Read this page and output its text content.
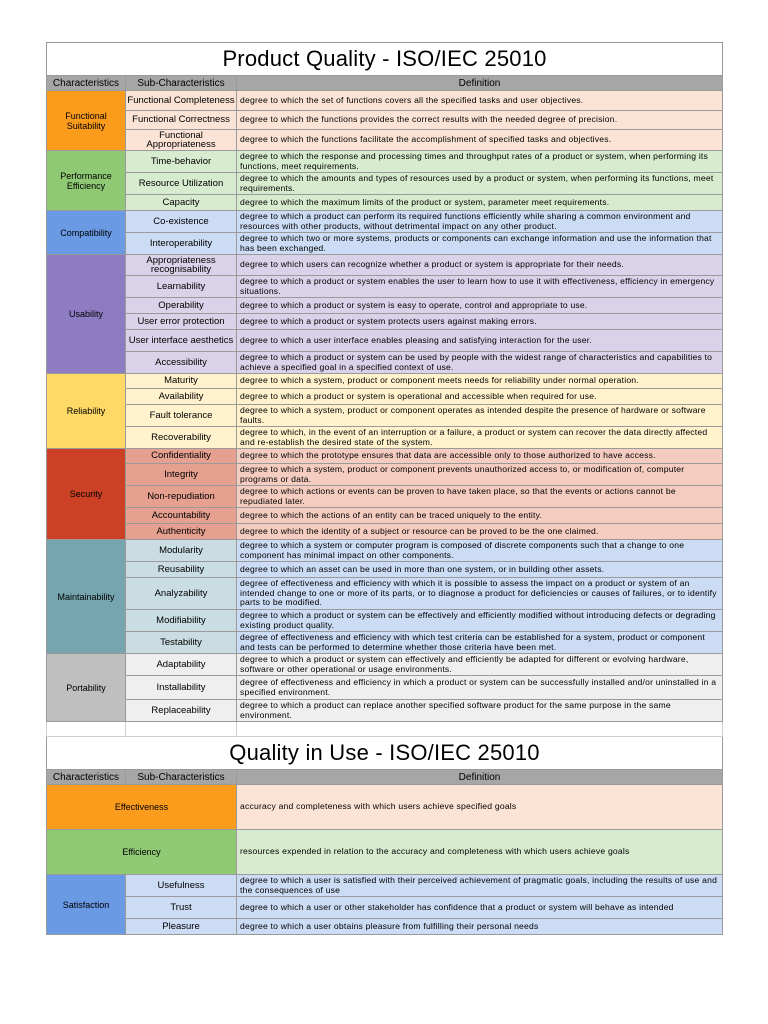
Product Quality - ISO/IEC 25010		
Characteristics	Sub-Characteristics	Definition
Functional Suitability	Functional Completeness	degree to which the set of functions covers all the specified tasks and user objectives.
	Functional Correctness	degree to which the functions provides the correct results with the needed degree of precision.
	Functional Appropriateness	degree to which the functions facilitate the accomplishment of specified tasks and objectives.
Performance Efficiency	Time-behavior	degree to which the response and processing times and throughput rates of a product or system, when performing its functions, meet requirements.
	Resource Utilization	degree to which the amounts and types of resources used by a product or system, when performing its functions, meet requirements.
	Capacity	degree to which the maximum limits of the product or system, parameter meet requirements.
Compatibility	Co-existence	degree to which a product can perform its required functions efficiently while sharing a common environment and resources with other products, without detrimental impact on any other product.
	Interoperability	degree to which two or more systems, products or components can exchange information and use the information that has been exchanged.
Usability	Appropriateness recognisability	degree to which users can recognize whether a product or system is appropriate for their needs.
	Learnability	degree to which a product or system enables the user to learn how to use it with effectiveness, efficiency in emergency situations.
	Operability	degree to which a product or system is easy to operate, control and appropriate to use.
	User error protection	degree to which a product or system protects users against making errors.
	User interface aesthetics	degree to which a user interface enables pleasing and satisfying interaction for the user.
	Accessibility	degree to which a product or system can be used by people with the widest range of characteristics and capabilities to achieve a specified goal in a specified context of use.
Reliability	Maturity	degree to which a system, product or component meets needs for reliability under normal operation.
	Availability	degree to which a product or system is operational and accessible when required for use.
	Fault tolerance	degree to which a system, product or component operates as intended despite the presence of hardware or software faults.
	Recoverability	degree to which, in the event of an interruption or a failure, a product or system can recover the data directly affected and re-establish the desired state of the system.
Security	Confidentiality	degree to which the prototype ensures that data are accessible only to those authorized to have access.
	Integrity	degree to which a system, product or component prevents unauthorized access to, or modification of, computer programs or data.
	Non-repudiation	degree to which actions or events can be proven to have taken place, so that the events or actions cannot be repudiated later.
	Accountability	degree to which the actions of an entity can be traced uniquely to the entity.
	Authenticity	degree to which the identity of a subject or resource can be proved to be the one claimed.
Maintainability	Modularity	degree to which a system or computer program is composed of discrete components such that a change to one component has minimal impact on other components.
	Reusability	degree to which an asset can be used in more than one system, or in building other assets.
	Analyzability	degree of effectiveness and efficiency with which it is possible to assess the impact on a product or system of an intended change to one or more of its parts, or to diagnose a product for deficiencies or causes of failures, or to identify parts to be modified.
	Modifiability	degree to which a product or system can be effectively and efficiently modified without introducing defects or degrading existing product quality.
	Testability	degree of effectiveness and efficiency with which test criteria can be established for a system, product or component and tests can be performed to determine whether those criteria have been met.
Portability	Adaptability	degree to which a product or system can effectively and efficiently be adapted for different or evolving hardware, software or other operational or usage environments.
	Installability	degree of effectiveness and efficiency in which a product or system can be successfully installed and/or uninstalled in a specified environment.
	Replaceability	degree to which a product can replace another specified software product for the same purpose in the same environment.

Quality in Use - ISO/IEC 25010		
Characteristics	Sub-Characteristics	Definition
Effectiveness		accuracy and completeness with which users achieve specified goals
Efficiency		resources expended in relation to the accuracy and completeness with which users achieve goals
Satisfaction	Usefulness	degree to which a user is satisfied with their perceived achievement of pragmatic goals, including the results of use and the consequences of use
	Trust	degree to which a user or other stakeholder has confidence that a product or system will behave as intended
	Pleasure	degree to which a user obtains pleasure from fulfilling their personal needs
